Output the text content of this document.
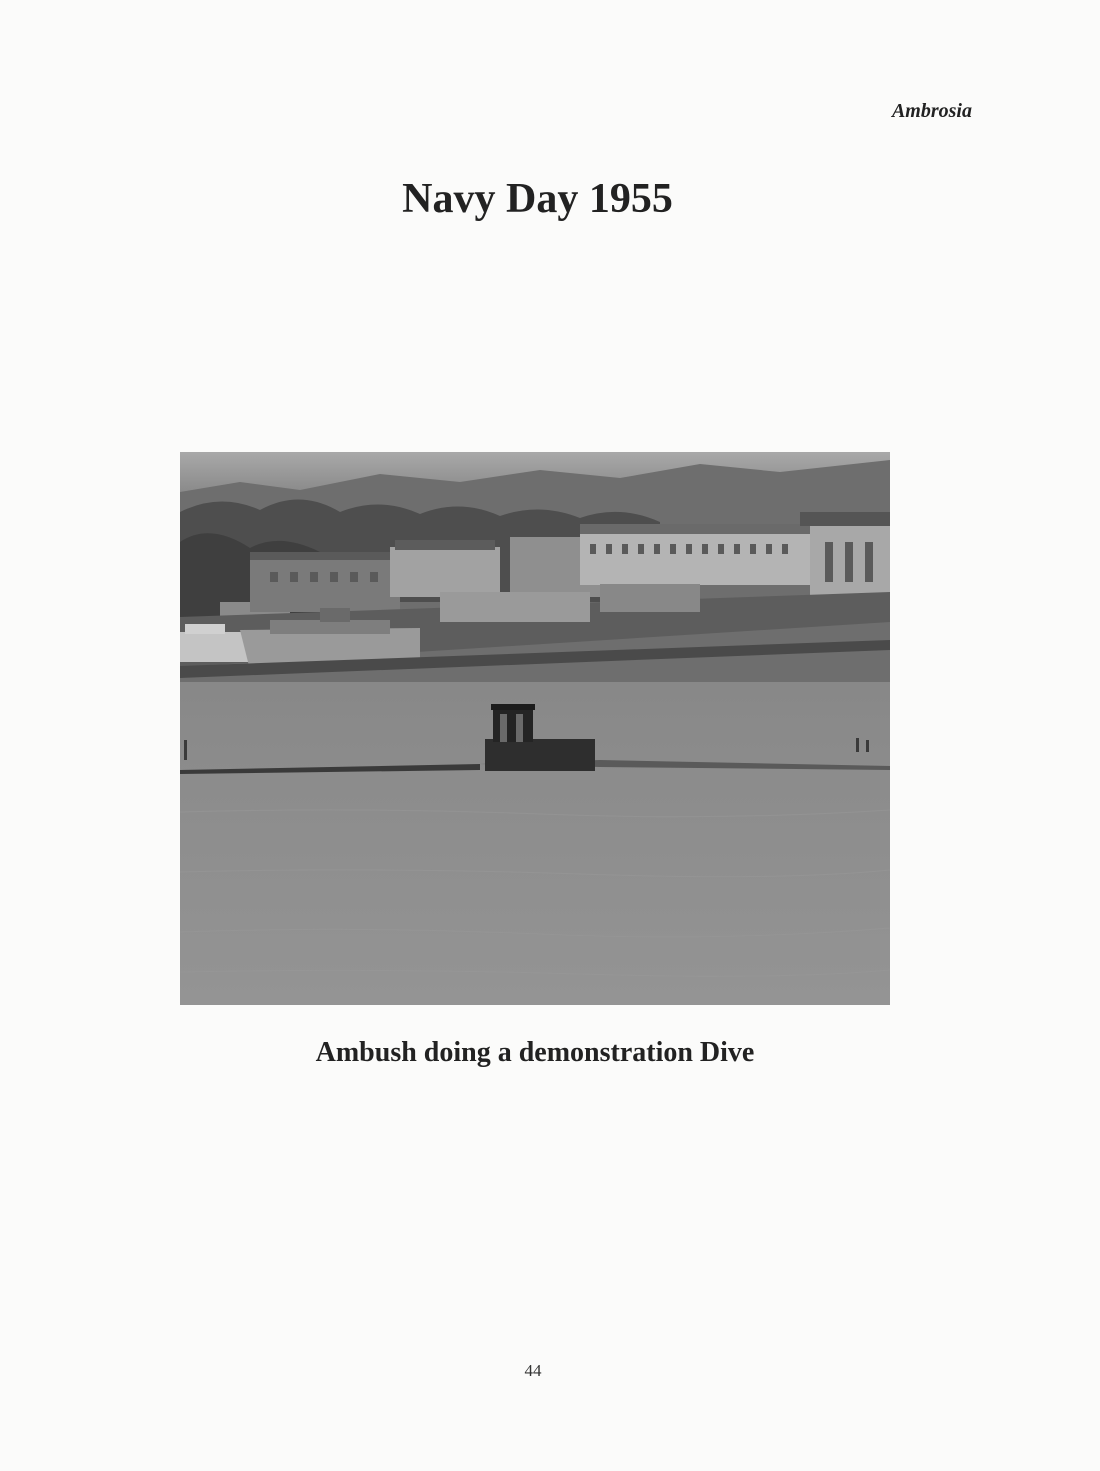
Ambrosia
Navy Day 1955

Ambush doing a demonstration Dive

44
